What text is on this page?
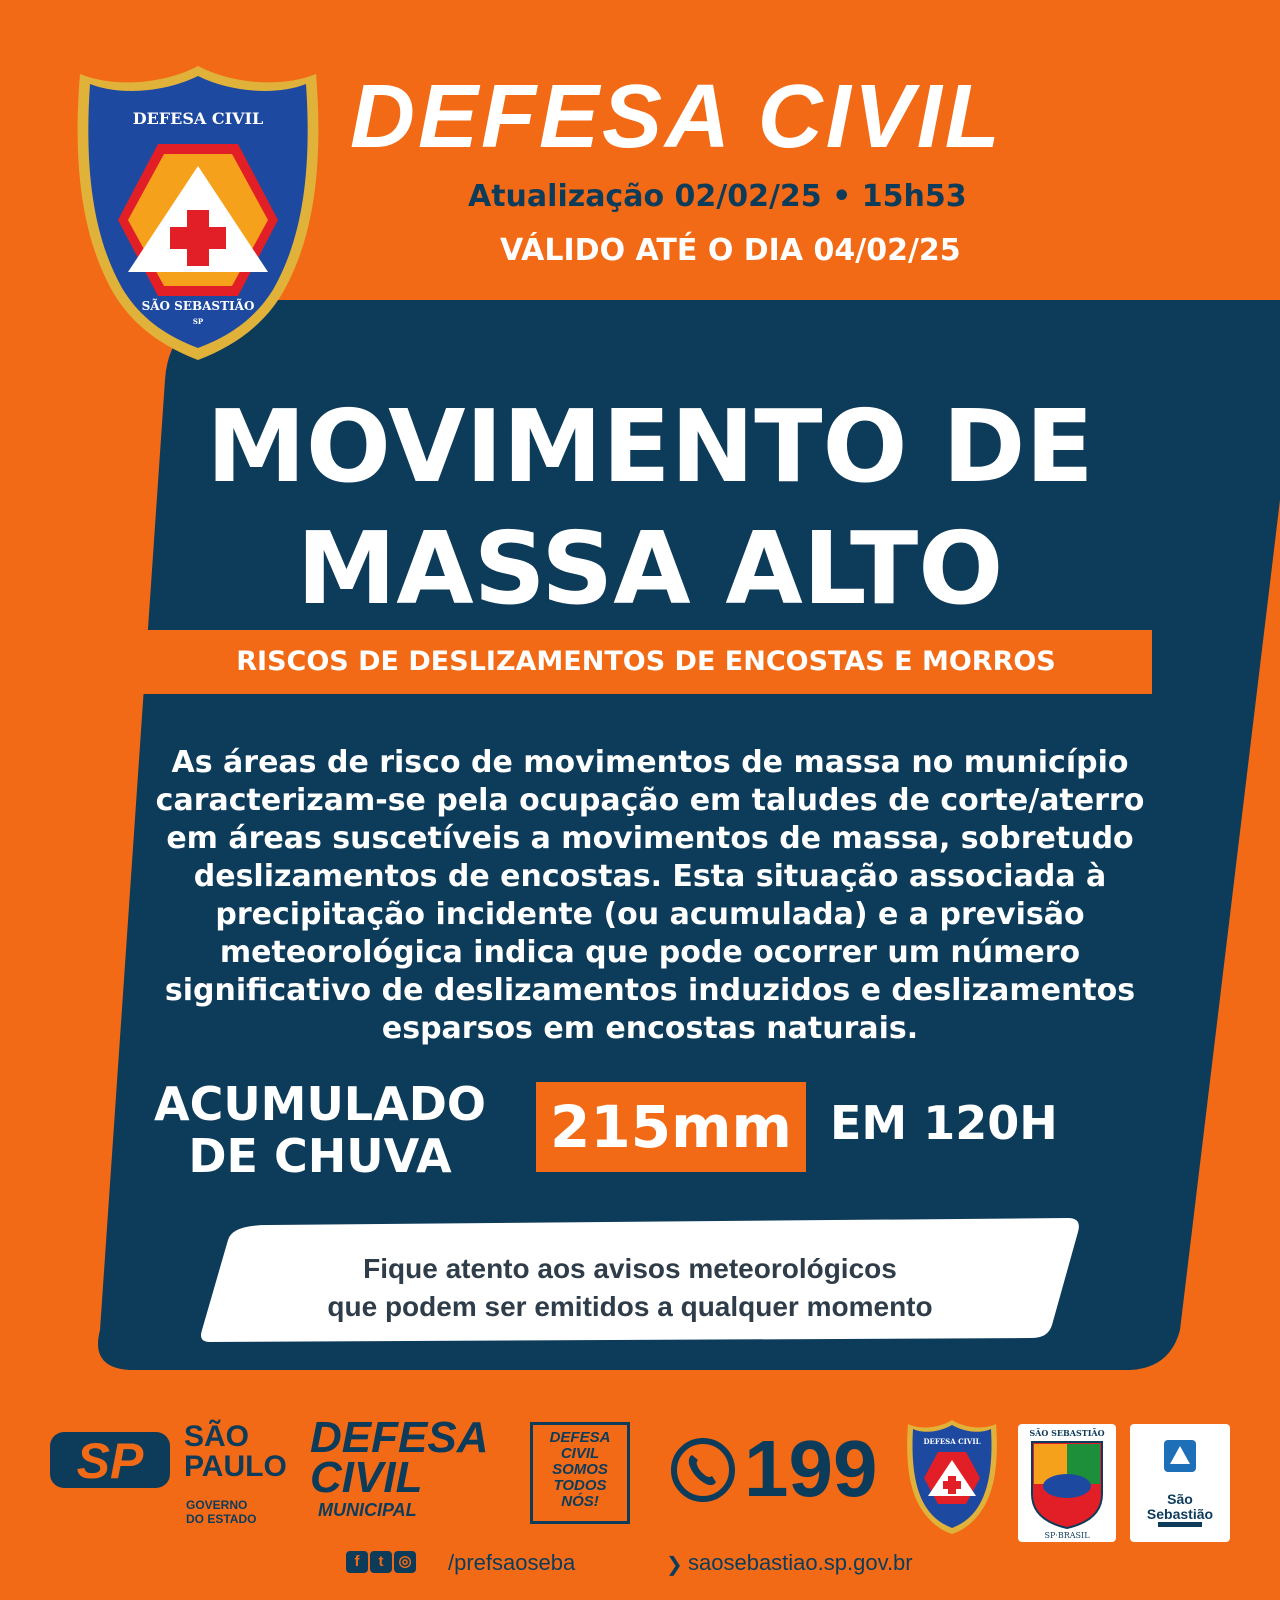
DEFESA CIVIL
SÃO SEBASTIÃO
SP
DEFESA CIVIL
Atualização 02/02/25 • 15h53
VÁLIDO ATÉ O DIA 04/02/25
MOVIMENTO DE
MASSA ALTO
RISCOS DE DESLIZAMENTOS DE ENCOSTAS E MORROS
As áreas de risco de movimentos de massa no município
caracterizam-se pela ocupação em taludes de corte/aterro
em áreas suscetíveis a movimentos de massa, sobretudo
deslizamentos de encostas. Esta situação associada à
precipitação incidente (ou acumulada) e a previsão
meteorológica indica que pode ocorrer um número
significativo de deslizamentos induzidos e deslizamentos
esparsos em encostas naturais.
ACUMULADO
DE CHUVA	215mm EM 120H
Fique atento aos avisos meteorológicos
que podem ser emitidos a qualquer momento
SP SÃO
PAULO
GOVERNO
DO ESTADO
DEFESA
CIVIL
MUNICIPAL
DEFESA
CIVIL
SOMOS
TODOS
NÓS!	199	DEFESA CIVIL
SÃO SEBASTIÃO
SP·BRASIL
São
Sebastião
f t ◎ /prefsaoseba	❯ saosebastiao.sp.gov.br
